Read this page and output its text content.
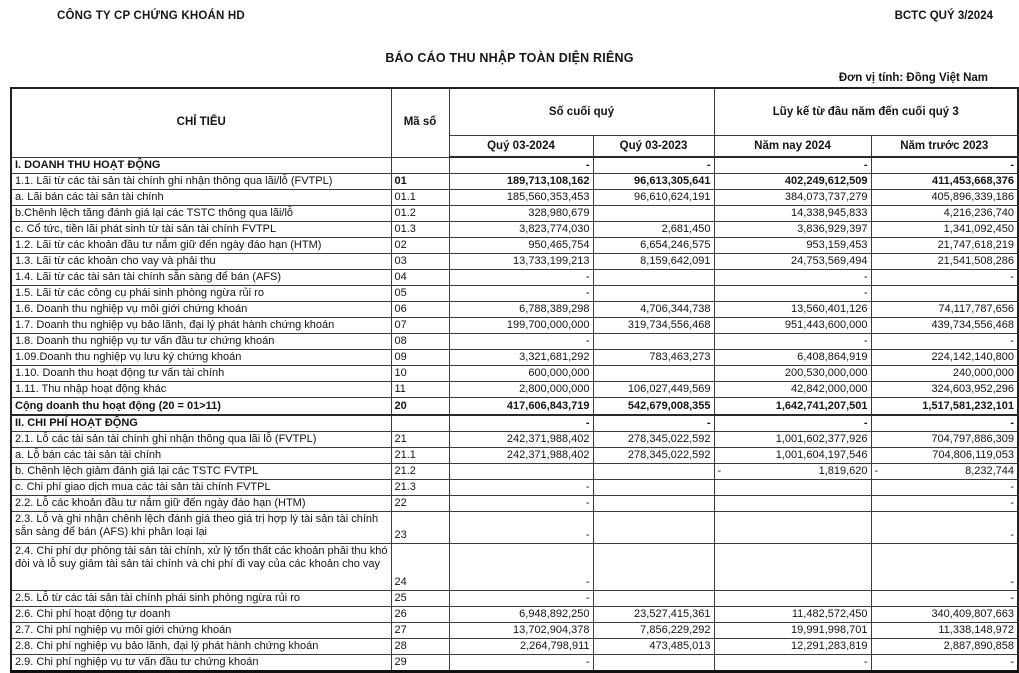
CÔNG TY CP CHỨNG KHOÁN HD	BCTC QUÝ 3/2024
BÁO CÁO THU NHẬP TOÀN DIỆN RIÊNG
Đơn vị tính: Đồng Việt Nam
CHỈ TIÊU	Mã số	Số cuối quý		Lũy kế từ đầu năm đến cuối quý 3	
		Quý 03-2024	Quý 03-2023	Năm nay 2024	Năm trước 2023
I. DOANH THU HOẠT ĐỘNG		-	-	-	-
1.1. Lãi từ các tài sản tài chính ghi nhận thông qua lãi/lỗ (FVTPL)	01	189,713,108,162	96,613,305,641	402,249,612,509	411,453,668,376
a. Lãi bán các tài sản tài chính	01.1	185,560,353,453	96,610,624,191	384,073,737,279	405,896,339,186
b.Chênh lệch tăng đánh giá lại các TSTC thông qua lãi/lỗ	01.2	328,980,679		14,338,945,833	4,216,236,740
c. Cổ tức, tiền lãi phát sinh từ tài sản tài chính FVTPL	01.3	3,823,774,030	2,681,450	3,836,929,397	1,341,092,450
1.2. Lãi từ các khoản đầu tư nắm giữ đến ngày đáo hạn (HTM)	02	950,465,754	6,654,246,575	953,159,453	21,747,618,219
1.3. Lãi từ các khoản cho vay và phải thu	03	13,733,199,213	8,159,642,091	24,753,569,494	21,541,508,286
1.4. Lãi từ các tài sản tài chính sẵn sàng để bán (AFS)	04	-		-	-
1.5. Lãi từ các công cụ phái sinh phòng ngừa rủi ro	05	-		-	
1.6. Doanh thu nghiệp vụ môi giới chứng khoán	06	6,788,389,298	4,706,344,738	13,560,401,126	74,117,787,656
1.7. Doanh thu nghiệp vụ bảo lãnh, đại lý phát hành chứng khoán	07	199,700,000,000	319,734,556,468	951,443,600,000	439,734,556,468
1.8. Doanh thu nghiệp vụ tư vấn đầu tư chứng khoán	08	-		-	-
1.09.Doanh thu nghiệp vụ lưu ký chứng khoán	09	3,321,681,292	783,463,273	6,408,864,919	224,142,140,800
1.10. Doanh thu hoạt động tư vấn tài chính	10	600,000,000		200,530,000,000	240,000,000
1.11. Thu nhập hoạt động khác	11	2,800,000,000	106,027,449,569	42,842,000,000	324,603,952,296
Cộng doanh thu hoạt động (20 = 01>11)	20	417,606,843,719	542,679,008,355	1,642,741,207,501	1,517,581,232,101
II. CHI PHÍ HOẠT ĐỘNG		-	-	-	-
2.1. Lỗ các tài sản tài chính ghi nhận thông qua lãi lỗ (FVTPL)	21	242,371,988,402	278,345,022,592	1,001,602,377,926	704,797,886,309
a. Lỗ bán các tài sản tài chính	21.1	242,371,988,402	278,345,022,592	1,001,604,197,546	704,806,119,053
b. Chênh lệch giảm đánh giá lại các TSTC FVTPL	21.2			- 1,819,620	- 8,232,744

c. Chi phí giao dịch mua các tài sản tài chính FVTPL	21.3	-			-
2.2. Lỗ các khoản đầu tư nắm giữ đến ngày đáo hạn (HTM)	22	-			-
2.3. Lỗ và ghi nhận chênh lệch đánh giá theo giá trị hợp lý tài sản tài chính sẵn sàng để bán (AFS) khi phân loại lại	23	-			-
2.4. Chi phí dự phòng tài sản tài chính, xử lý tổn thất các khoản phải thu khó đòi và lỗ suy giảm tài sản tài chính và chi phí đi vay của các khoản cho vay	24	-			-
2.5. Lỗ từ các tài sản tài chính phái sinh phòng ngừa rủi ro	25	-			-
2.6. Chi phí hoạt động tự doanh	26	6,948,892,250	23,527,415,361	11,482,572,450	340,409,807,663
2.7. Chi phí nghiệp vụ môi giới chứng khoán	27	13,702,904,378	7,856,229,292	19,991,998,701	11,338,148,972
2.8. Chi phí nghiệp vụ bảo lãnh, đại lý phát hành chứng khoán	28	2,264,798,911	473,485,013	12,291,283,819	2,887,890,858
2.9. Chi phí nghiệp vụ tư vấn đầu tư chứng khoán	29	-		-	-
